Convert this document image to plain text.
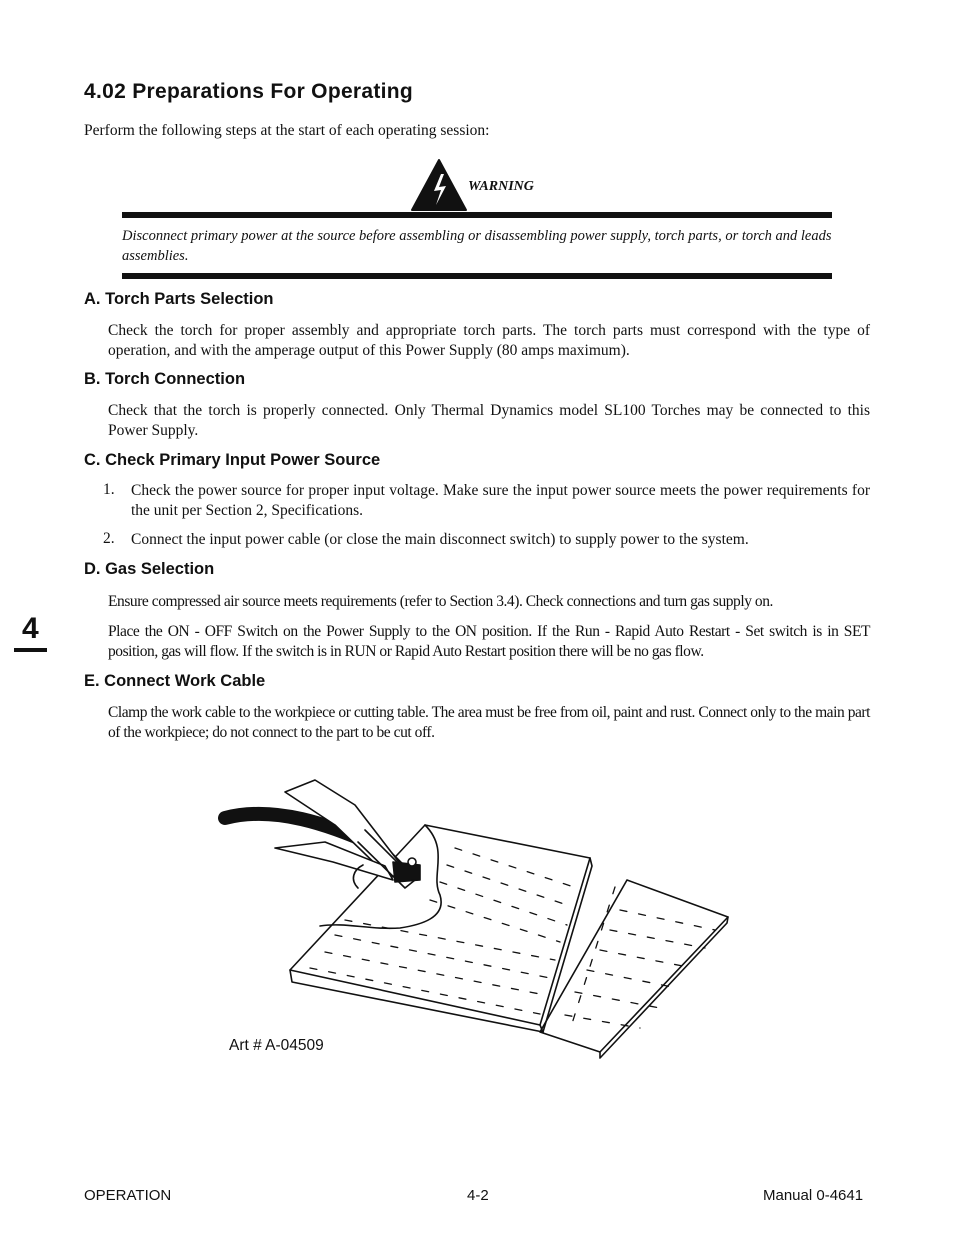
4.02 Preparations For Operating
Perform the following steps at the start of each operating session:
WARNING
Disconnect primary power at the source before assembling or disassembling power supply, torch parts, or torch and leads assemblies.
A. Torch Parts Selection
Check the torch for proper assembly and appropriate torch parts. The torch parts must correspond with the type of operation, and with the amperage output of this Power Supply (80 amps maximum).
B. Torch Connection
Check that the torch is properly connected. Only Thermal Dynamics model SL100 Torches may be connected to this Power Supply.
C. Check Primary Input Power Source
1. Check the power source for proper input voltage. Make sure the input power source meets the power requirements for the unit per Section 2, Specifications.
2. Connect the input power cable (or close the main disconnect switch) to supply power to the system.
D. Gas Selection
Ensure compressed air source meets requirements (refer to Section 3.4). Check connections and turn gas supply on.
Place the ON - OFF Switch on the Power Supply to the ON position. If the Run - Rapid Auto Restart - Set switch is in SET position, gas will flow. If the switch is in RUN or Rapid Auto Restart position there will be no gas flow.
E. Connect Work Cable
Clamp the work cable to the workpiece or cutting table. The area must be free from oil, paint and rust. Connect only to the main part of the workpiece; do not connect to the part to be cut off.
4
Art # A-04509
OPERATION	4-2	Manual 0-4641
